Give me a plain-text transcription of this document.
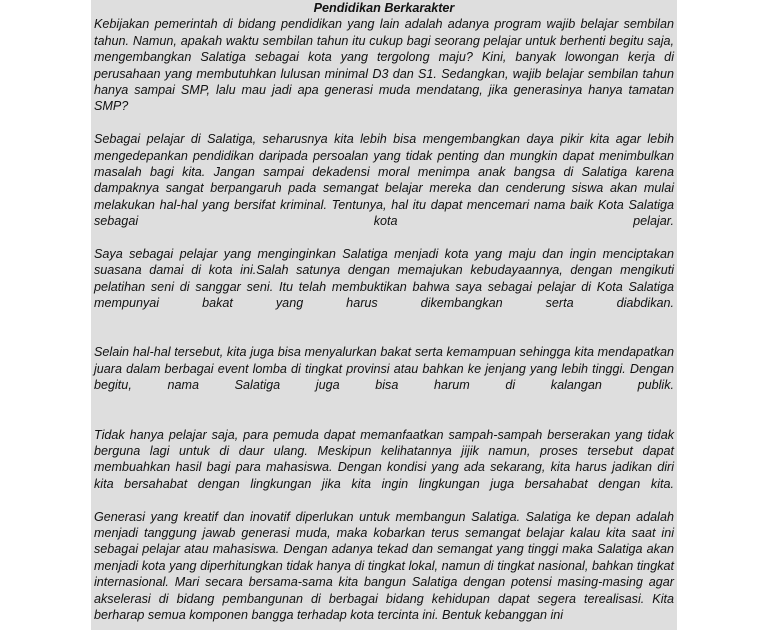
Pendidikan Berkarakter

Kebijakan pemerintah di bidang pendidikan yang lain adalah adanya program wajib belajar sembilan tahun. Namun, apakah waktu sembilan tahun itu cukup bagi seorang pelajar untuk berhenti begitu saja, mengembangkan Salatiga sebagai kota yang tergolong maju? Kini, banyak lowongan kerja di perusahaan yang membutuhkan lulusan minimal D3 dan S1. Sedangkan, wajib belajar sembilan tahun hanya sampai SMP, lalu mau jadi apa generasi muda mendatang, jika generasinya hanya tamatan SMP?

Sebagai pelajar di Salatiga, seharusnya kita lebih bisa mengembangkan daya pikir kita agar lebih mengedepankan pendidikan daripada persoalan yang tidak penting dan mungkin dapat menimbulkan masalah bagi kita. Jangan sampai dekadensi moral menimpa anak bangsa di Salatiga karena dampaknya sangat berpangaruh pada semangat belajar mereka dan cenderung siswa akan mulai melakukan hal-hal yang bersifat kriminal. Tentunya, hal itu dapat mencemari nama baik Kota Salatiga sebagai kota pelajar.

Saya sebagai pelajar yang menginginkan Salatiga menjadi kota yang maju dan ingin menciptakan suasana damai di kota ini.Salah satunya dengan memajukan kebudayaannya, dengan mengikuti pelatihan seni di sanggar seni. Itu telah membuktikan bahwa saya sebagai pelajar di Kota Salatiga mempunyai bakat yang harus dikembangkan serta diabdikan.

Selain hal-hal tersebut, kita juga bisa menyalurkan bakat serta kemampuan sehingga kita mendapatkan juara dalam berbagai event lomba di tingkat provinsi atau bahkan ke jenjang yang lebih tinggi. Dengan begitu, nama Salatiga juga bisa harum di kalangan publik.

Tidak hanya pelajar saja, para pemuda dapat memanfaatkan sampah-sampah berserakan yang tidak berguna lagi untuk di daur ulang. Meskipun kelihatannya jijik namun, proses tersebut dapat membuahkan hasil bagi para mahasiswa. Dengan kondisi yang ada sekarang, kita harus jadikan diri kita bersahabat dengan lingkungan jika kita ingin lingkungan juga bersahabat dengan kita.

Generasi yang kreatif dan inovatif diperlukan untuk membangun Salatiga. Salatiga ke depan adalah menjadi tanggung jawab generasi muda, maka kobarkan terus semangat belajar kalau kita saat ini sebagai pelajar atau mahasiswa. Dengan adanya tekad dan semangat yang tinggi maka Salatiga akan menjadi kota yang diperhitungkan tidak hanya di tingkat lokal, namun di tingkat nasional, bahkan tingkat internasional. Mari secara bersama-sama kita bangun Salatiga dengan potensi masing-masing agar akselerasi di bidang pembangunan di berbagai bidang kehidupan dapat segera terealisasi. Kita berharap semua komponen bangga terhadap kota tercinta ini. Bentuk kebanggan ini
